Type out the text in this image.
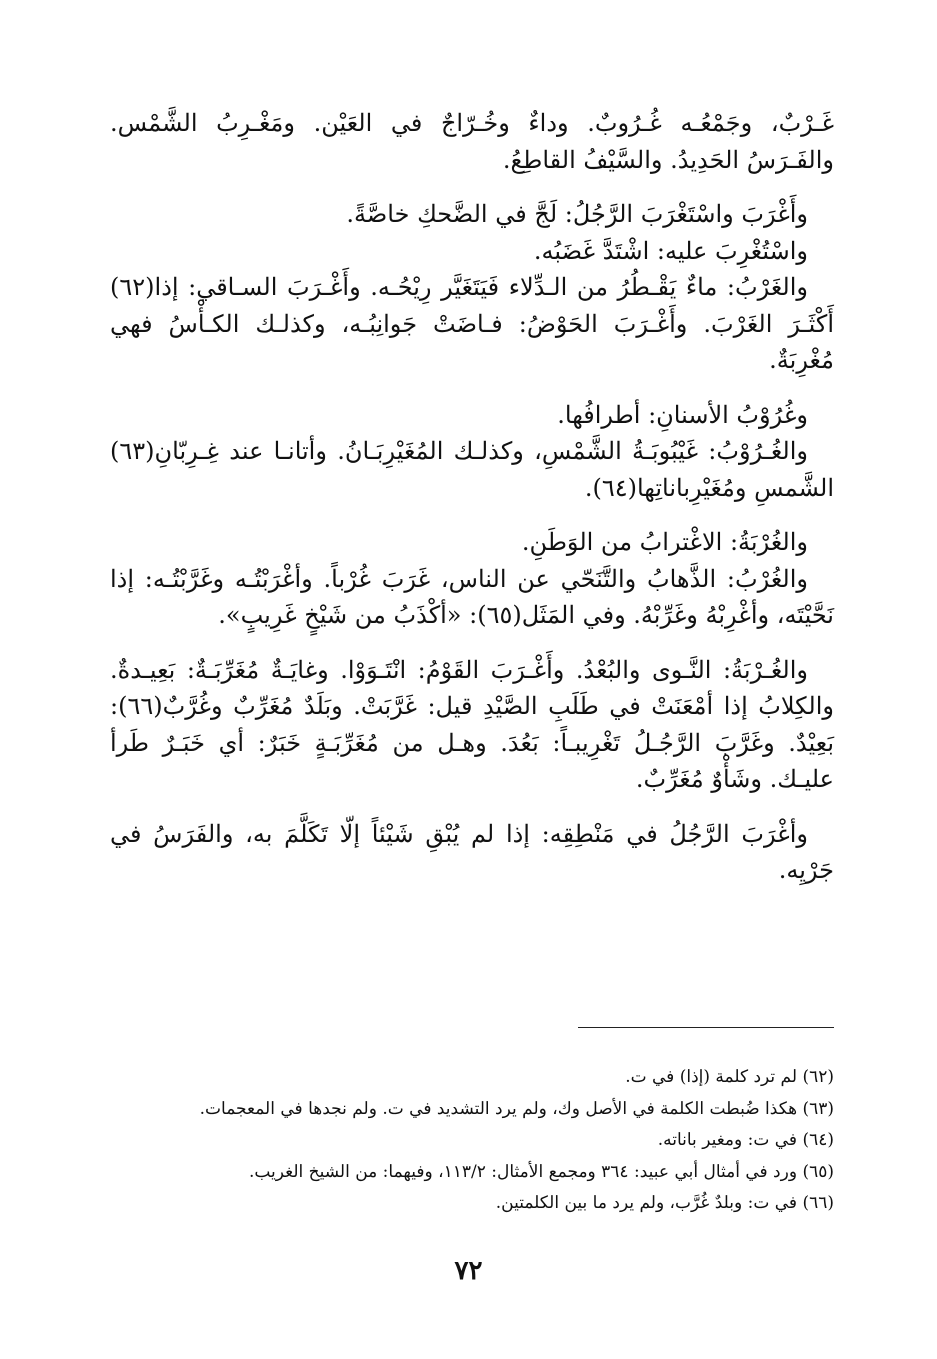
غَـرْبٌ، وجَمْعُـه غُـرُوبٌ. وداءٌ وخُـرّاجٌ في العَيْن. ومَغْـرِبُ الشَّمْس. والفَـرَسُ الحَدِيدُ. والسَّيْفُ القاطِعُ.

وأَغْرَبَ واسْتَغْرَبَ الرَّجُلُ: لَجَّ في الضَّحكِ خاصَّةً.

واسْتُغْرِبَ عليه: اشْتَدَّ غَضَبُه.

والغَرْبُ: ماءٌ يَقْـطُرُ من الـدِّلاء فَيَتَغَيَّر رِيْحُـه. وأَغْـرَبَ السـاقي: إذا(٦٢) أَكْثَـرَ الغَرْبَ. وأَغْـرَبَ الحَوْضُ: فـاضَتْ جَوانِبُـه، وكذلـك الكـأْسُ فهي مُغْرِبَةٌ.

وغُرُوْبُ الأسنانِ: أطرافُها.

والغُـرُوْبُ: غَيْبُوبَـةُ الشَّمْسِ، وكذلـك المُغَيْرِبَـانُ. وأتانـا عند غِـرِبّانِ(٦٣) الشَّمسِ ومُغَيْرِباناتِها(٦٤).

والغُرْبَةُ: الاغْترابُ من الوَطَنِ.

والغُرْبُ: الذَّهابُ والتَّنَحّي عن الناس، غَرَبَ غُرْباً. وأغْرَبْتُـه وغَرَّبْتُـه: إذا نَحَّيْتَه، وأغْرِبْهُ وغَرِّبْهُ. وفي المَثَل(٦٥): «أكْذَبُ من شَيْخٍ غَرِيبٍ».

والغُـرْبَةُ: النَّـوى والبُعْدُ. وأَغْـرَبَ القَوْمُ: انْتَـوَوْا. وغايَـةٌ مُغَرِّبَـةٌ: بَعِيـدةٌ. والكِلابُ إذا أمْعَنَتْ في طَلَبِ الصَّيْدِ قيل: غَرَّبَتْ. وبَلَدٌ مُغَرِّبٌ وغُرَّبٌ(٦٦): بَعِيْدٌ. وغَرَّبَ الرَّجُـلُ تَغْرِيبـاً: بَعُدَ. وهـل من مُغَرِّبَـةٍ خَبَرٌ: أي خَبَـرٌ طَرأ عليـك. وشَأْوٌ مُغَرِّبٌ.

وأغْرَبَ الرَّجُلُ في مَنْطِقِه: إذا لم يُبْقِ شَيْئاً إلّا تَكَلَّمَ به، والفَرَسُ في جَرْيِه.

(٦٢) لم ترد كلمة (إذا) في ت.

(٦٣) هكذا ضُبطت الكلمة في الأصل وك، ولم يرد التشديد في ت. ولم نجدها في المعجمات.

(٦٤) في ت: ومغير باناته.

(٦٥) ورد في أمثال أبي عبيد: ٣٦٤ ومجمع الأمثال: ١١٣/٢، وفيهما: من الشيخ الغريب.

(٦٦) في ت: وبلدٌ غُرَّب، ولم يرد ما بين الكلمتين.

٧٢
